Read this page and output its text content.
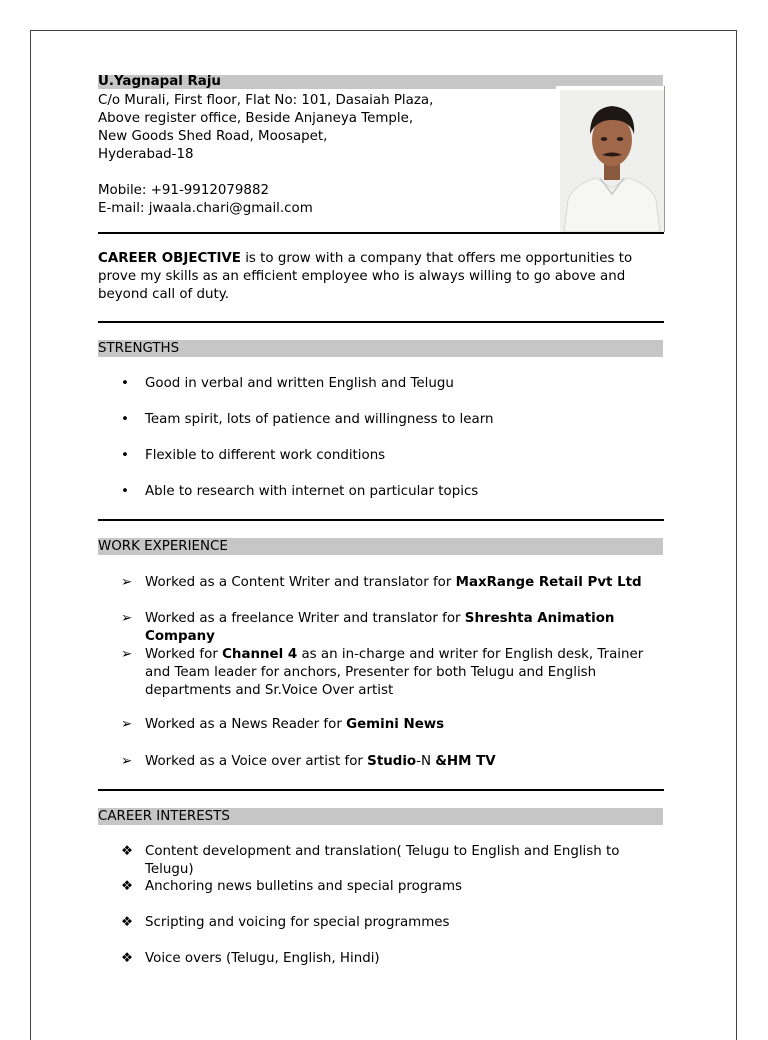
U.Yagnapal Raju
C/o Murali, First floor, Flat No: 101, Dasaiah Plaza,
Above register office, Beside Anjaneya Temple,
New Goods Shed Road, Moosapet,
Hyderabad-18

Mobile: +91-9912079882
E-mail: jwaala.chari@gmail.com
CAREER OBJECTIVE is to grow with a company that offers me opportunities to prove my skills as an efficient employee who is always willing to go above and beyond call of duty.
STRENGTHS
•	Good in verbal and written English and Telugu
•	Team spirit, lots of patience and willingness to learn
•	Flexible to different work conditions
•	Able to research with internet on particular topics
WORK EXPERIENCE
➢ Worked as a Content Writer and translator for MaxRange Retail Pvt Ltd
➢ Worked as a freelance Writer and translator for Shreshta Animation Company
➢ Worked for Channel 4 as an in-charge and writer for English desk, Trainer and Team leader for anchors, Presenter for both Telugu and English departments and Sr.Voice Over artist
➢ Worked as a News Reader for Gemini News
➢ Worked as a Voice over artist for Studio-N &HM TV
CAREER INTERESTS
❖ Content development and translation( Telugu to English and English to Telugu)
❖ Anchoring news bulletins and special programs
❖ Scripting and voicing for special programmes
❖ Voice overs (Telugu, English, Hindi)
